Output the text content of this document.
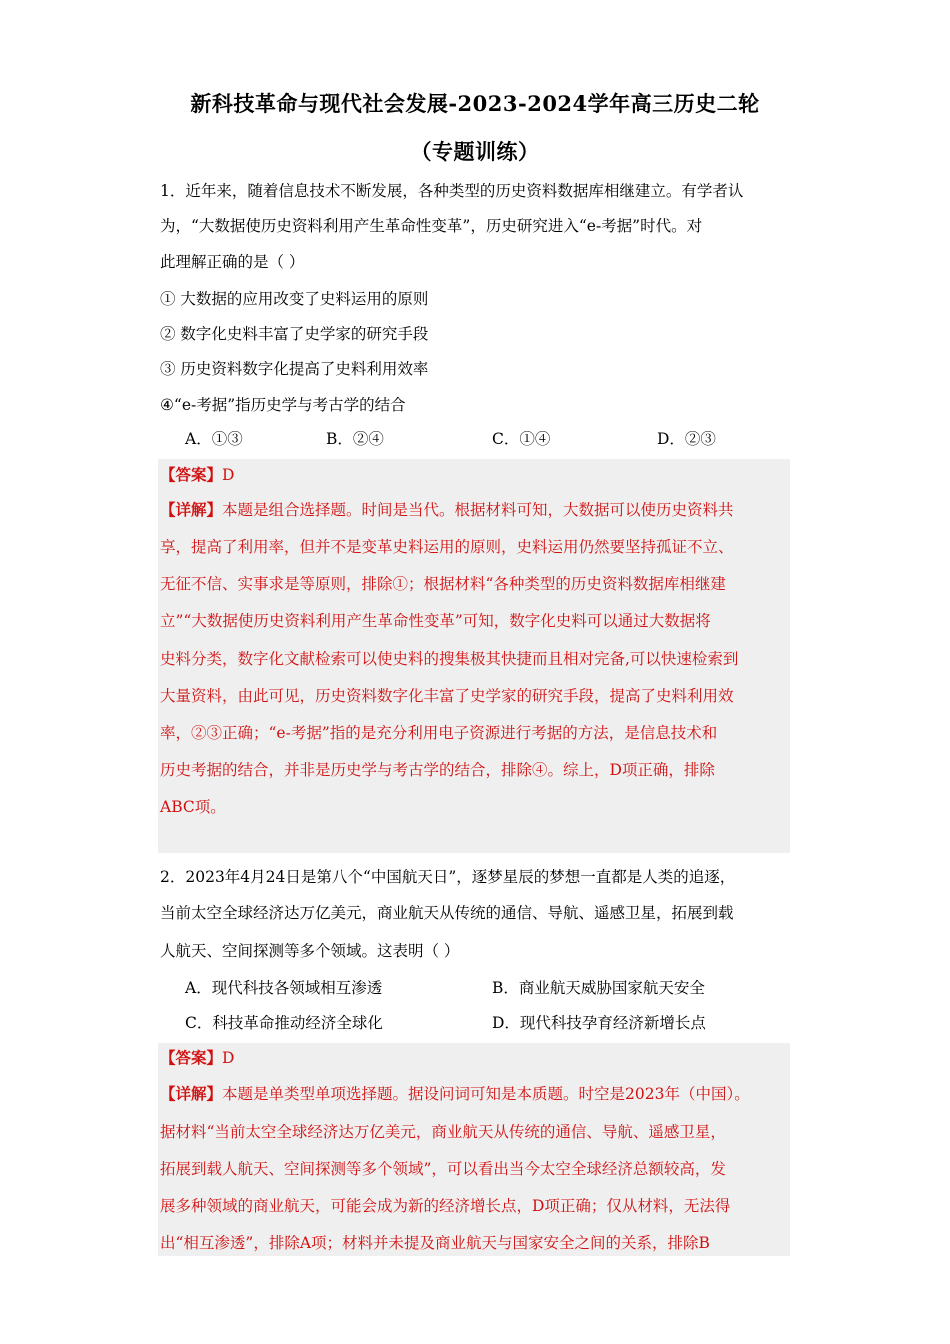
新科技革命与现代社会发展-2023-2024学年高三历史二轮
（专题训练）
1．近年来，随着信息技术不断发展，各种类型的历史资料数据库相继建立。有学者认
为，“大数据使历史资料利用产生革命性变革”，历史研究进入“e-考据”时代。对
此理解正确的是（ ）
① 大数据的应用改变了史料运用的原则
② 数字化史料丰富了史学家的研究手段
③ 历史资料数字化提高了史料利用效率
④“e-考据”指历史学与考古学的结合
A．①③	B．②④	C．①④	D．②③
【答案】D
【详解】本题是组合选择题。时间是当代。根据材料可知，大数据可以使历史资料共
享，提高了利用率，但并不是变革史料运用的原则，史料运用仍然要坚持孤证不立、
无征不信、实事求是等原则，排除①；根据材料“各种类型的历史资料数据库相继建
立”“大数据使历史资料利用产生革命性变革”可知，数字化史料可以通过大数据将
史料分类，数字化文献检索可以使史料的搜集极其快捷而且相对完备,可以快速检索到
大量资料，由此可见，历史资料数字化丰富了史学家的研究手段，提高了史料利用效
率，②③正确；“e-考据”指的是充分利用电子资源进行考据的方法，是信息技术和
历史考据的结合，并非是历史学与考古学的结合，排除④。综上，D项正确，排除
ABC项。
2．2023年4月24日是第八个“中国航天日”，逐梦星辰的梦想一直都是人类的追逐，
当前太空全球经济达万亿美元，商业航天从传统的通信、导航、遥感卫星，拓展到载
人航天、空间探测等多个领域。这表明（ ）
A．现代科技各领域相互渗透	B．商业航天威胁国家航天安全
C．科技革命推动经济全球化	D．现代科技孕育经济新增长点
【答案】D
【详解】本题是单类型单项选择题。据设问词可知是本质题。时空是2023年（中国）。
据材料“当前太空全球经济达万亿美元，商业航天从传统的通信、导航、遥感卫星，
拓展到载人航天、空间探测等多个领域”，可以看出当今太空全球经济总额较高，发
展多种领域的商业航天，可能会成为新的经济增长点，D项正确；仅从材料，无法得
出“相互渗透”，排除A项；材料并未提及商业航天与国家安全之间的关系，排除B
